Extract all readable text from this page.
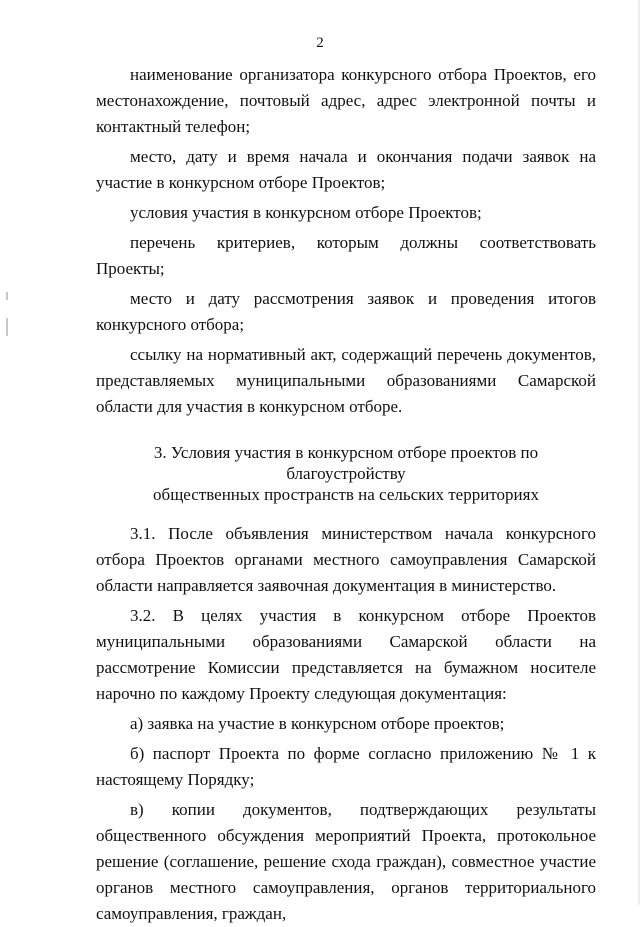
2

наименование организатора конкурсного отбора Проектов, его местонахождение, почтовый адрес, адрес электронной почты и контактный телефон;

место, дату и время начала и окончания подачи заявок на участие в конкурсном отборе Проектов;

условия участия в конкурсном отборе Проектов;

перечень критериев, которым должны соответствовать Проекты;

место и дату рассмотрения заявок и проведения итогов конкурсного отбора;

ссылку на нормативный акт, содержащий перечень документов, представляемых муниципальными образованиями Самарской области для участия в конкурсном отборе.

3. Условия участия в конкурсном отборе проектов по благоустройству
общественных пространств на сельских территориях

3.1. После объявления министерством начала конкурсного отбора Проектов органами местного самоуправления Самарской области направляется заявочная документация в министерство.

3.2. В целях участия в конкурсном отборе Проектов муниципальными образованиями Самарской области на рассмотрение Комиссии представляется на бумажном носителе нарочно по каждому Проекту следующая документация:

а) заявка на участие в конкурсном отборе проектов;

б) паспорт Проекта по форме согласно приложению № 1 к настоящему Порядку;

в) копии документов, подтверждающих результаты общественного обсуждения мероприятий Проекта, протокольное решение (соглашение, решение схода граждан), совместное участие органов местного самоуправления, органов территориального самоуправления, граждан,
